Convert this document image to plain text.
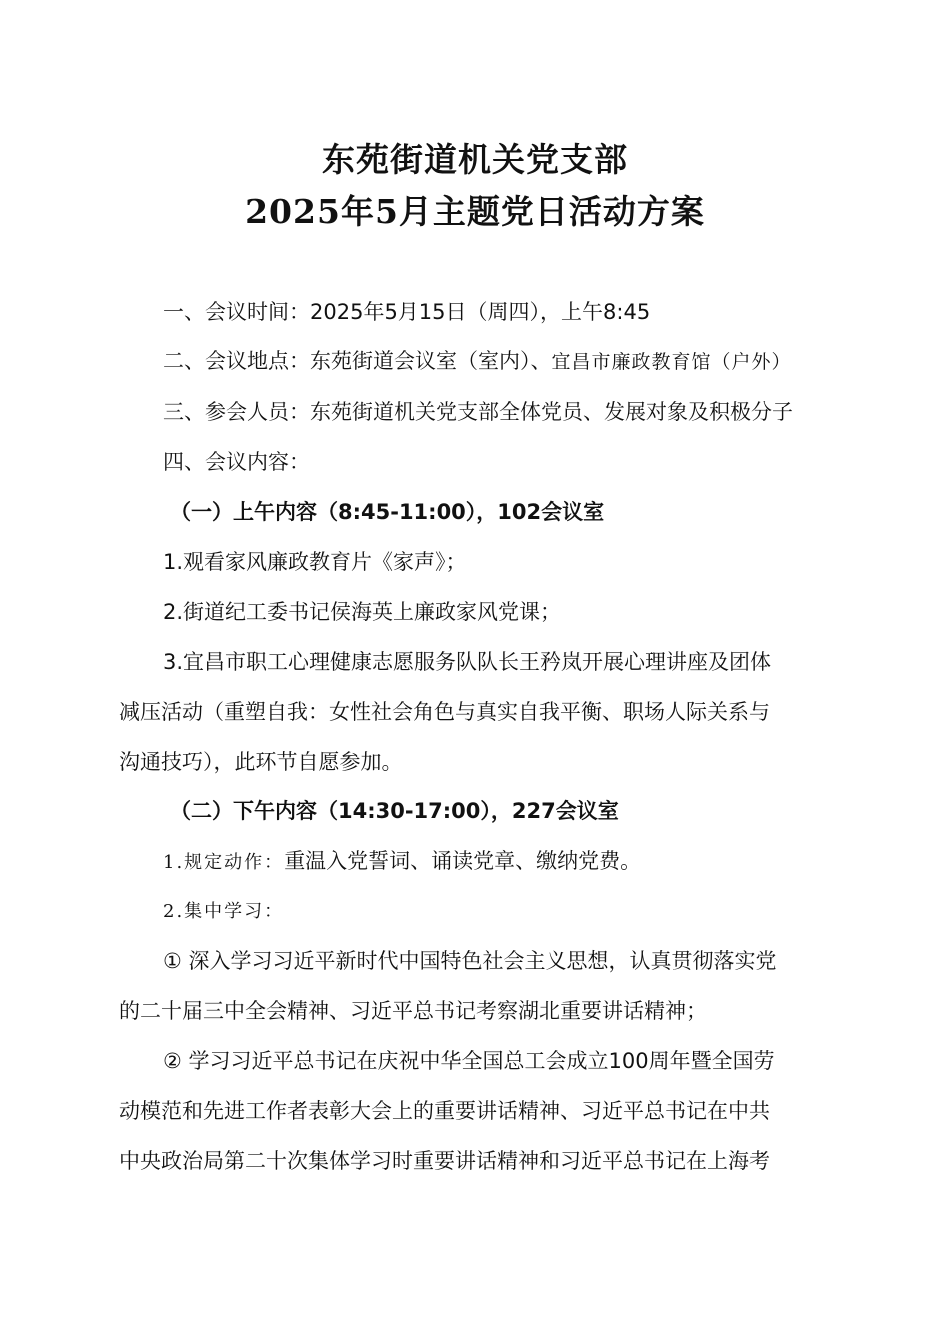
东苑街道机关党支部
2025年5月主题党日活动方案
一、会议时间：2025年5月15日（周四），上午8:45
二、会议地点：东苑街道会议室（室内）、宜昌市廉政教育馆（户外）
三、参会人员：东苑街道机关党支部全体党员、发展对象及积极分子
四、会议内容：
（一）上午内容（8:45-11:00），102会议室
1.观看家风廉政教育片《家声》；
2.街道纪工委书记侯海英上廉政家风党课；
3.宜昌市职工心理健康志愿服务队队长王矜岚开展心理讲座及团体
减压活动（重塑自我：女性社会角色与真实自我平衡、职场人际关系与
沟通技巧），此环节自愿参加。
（二）下午内容（14:30-17:00），227会议室
1.规定动作：重温入党誓词、诵读党章、缴纳党费。
2.集中学习：
① 深入学习习近平新时代中国特色社会主义思想，认真贯彻落实党
的二十届三中全会精神、习近平总书记考察湖北重要讲话精神；
② 学习习近平总书记在庆祝中华全国总工会成立100周年暨全国劳
动模范和先进工作者表彰大会上的重要讲话精神、习近平总书记在中共
中央政治局第二十次集体学习时重要讲话精神和习近平总书记在上海考
